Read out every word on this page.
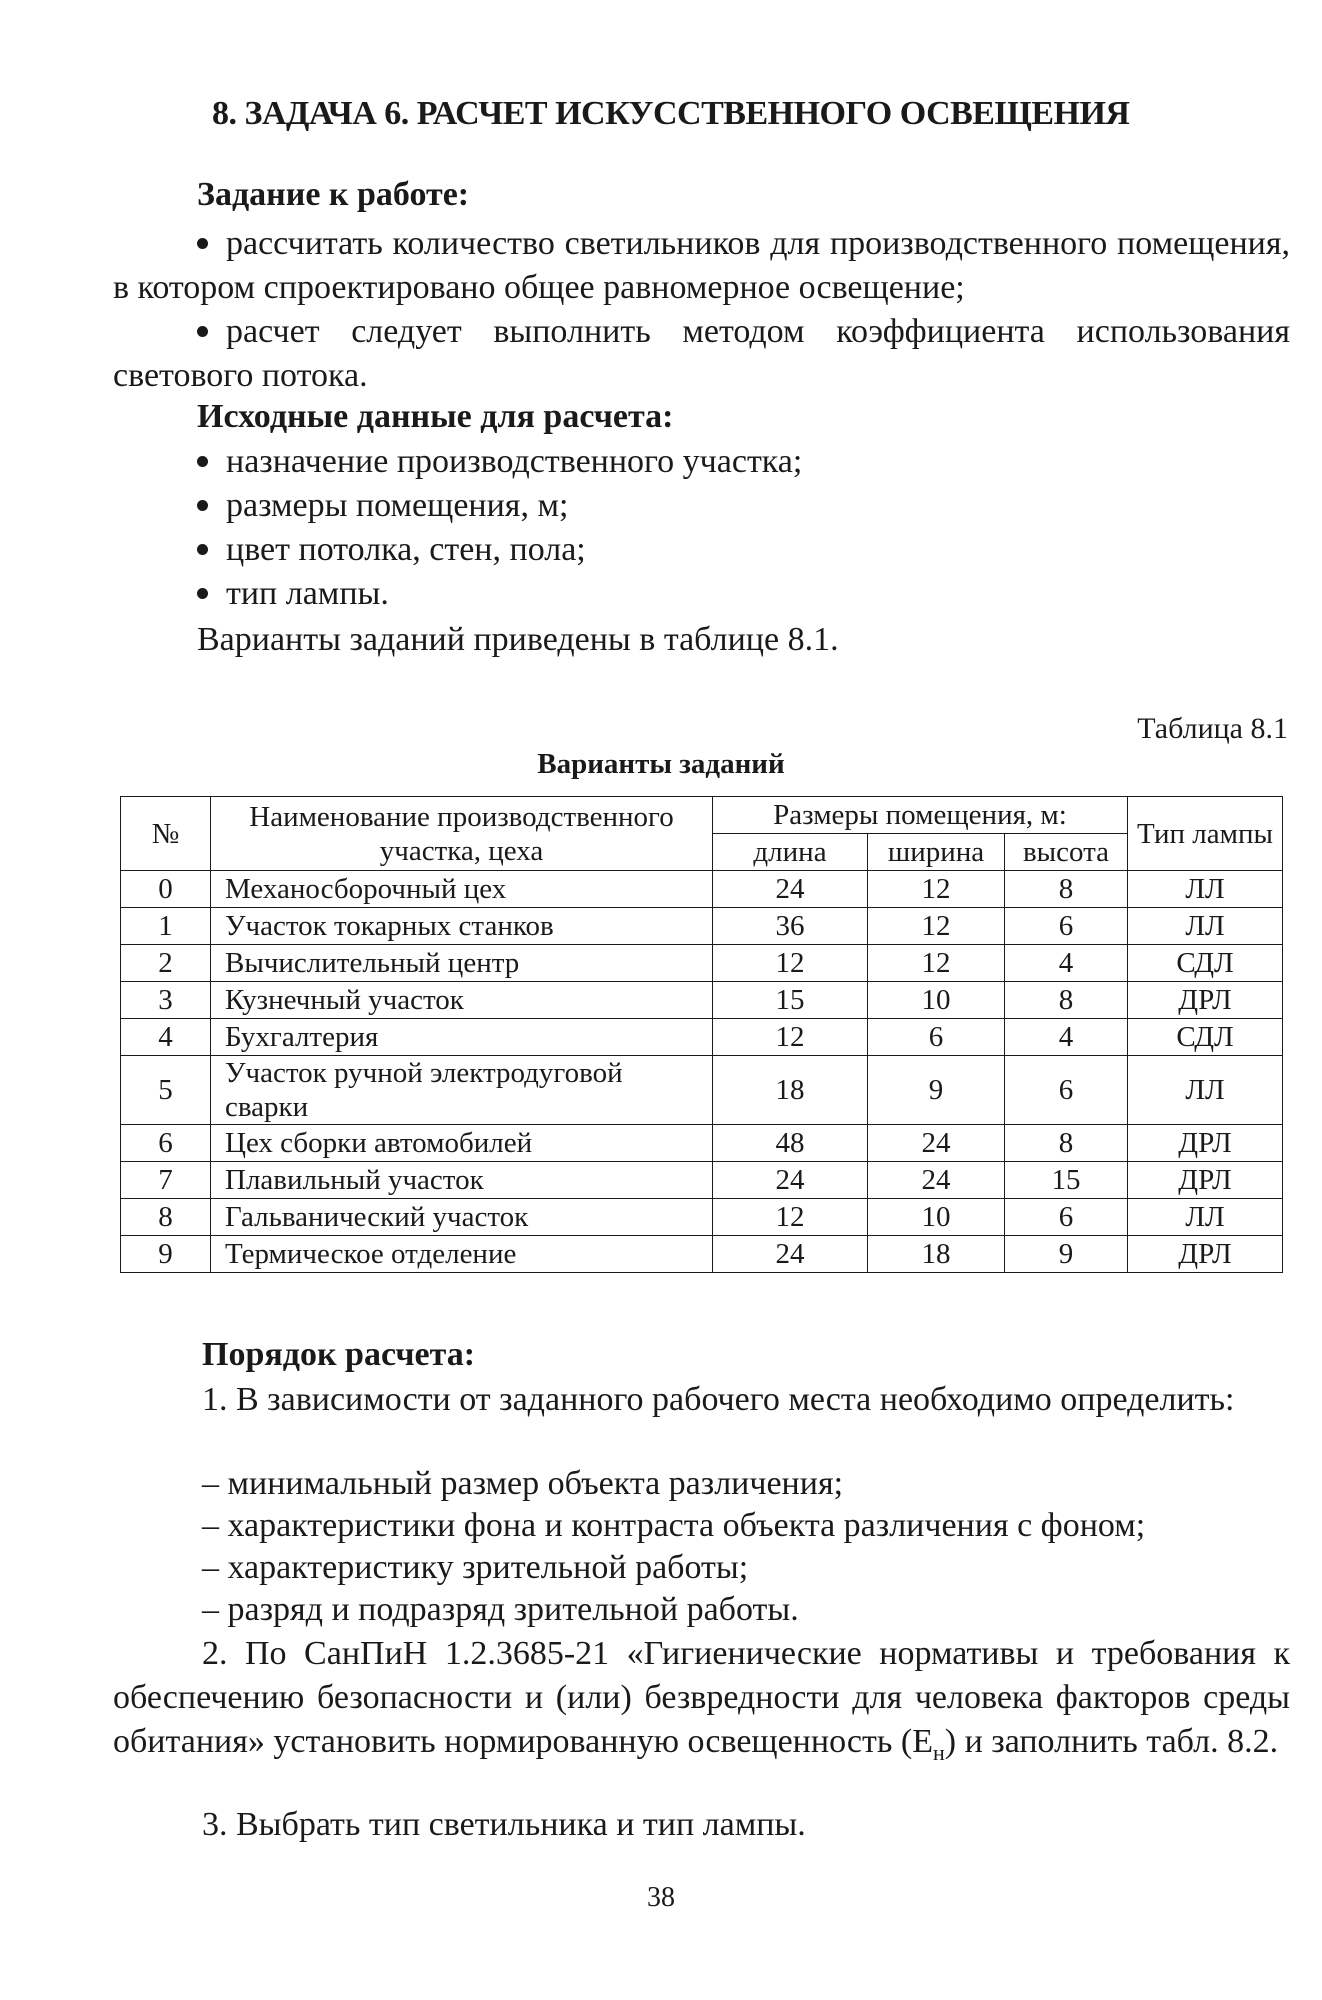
8. ЗАДАЧА 6. РАСЧЕТ ИСКУССТВЕННОГО ОСВЕЩЕНИЯ
Задание к работе:
рассчитать количество светильников для производственного помещения, в котором спроектировано общее равномерное освещение;
расчет следует выполнить методом коэффициента использования светового потока.
Исходные данные для расчета:
назначение производственного участка;
размеры помещения, м;
цвет потолка, стен, пола;
тип лампы.
Варианты заданий приведены в таблице 8.1.
Таблица 8.1
Варианты заданий
№	Наименование производственного участка, цеха	Размеры помещения, м:			Тип лампы
		длина	ширина	высота	
0	Механосборочный цех	24	12	8	ЛЛ
1	Участок токарных станков	36	12	6	ЛЛ
2	Вычислительный центр	12	12	4	СДЛ
3	Кузнечный участок	15	10	8	ДРЛ
4	Бухгалтерия	12	6	4	СДЛ
5	Участок ручной электродуговой сварки	18	9	6	ЛЛ
6	Цех сборки автомобилей	48	24	8	ДРЛ
7	Плавильный участок	24	24	15	ДРЛ
8	Гальванический участок	12	10	6	ЛЛ
9	Термическое отделение	24	18	9	ДРЛ
Порядок расчета:
1. В зависимости от заданного рабочего места необходимо определить:
– минимальный размер объекта различения;
– характеристики фона и контраста объекта различения с фоном;
– характеристику зрительной работы;
– разряд и подразряд зрительной работы.
2. По СанПиН 1.2.3685-21 «Гигиенические нормативы и требования к обеспечению безопасности и (или) безвредности для человека факторов среды обитания» установить нормированную освещенность $(Е_н)$ и заполнить табл. 8.2.
3. Выбрать тип светильника и тип лампы.
38
